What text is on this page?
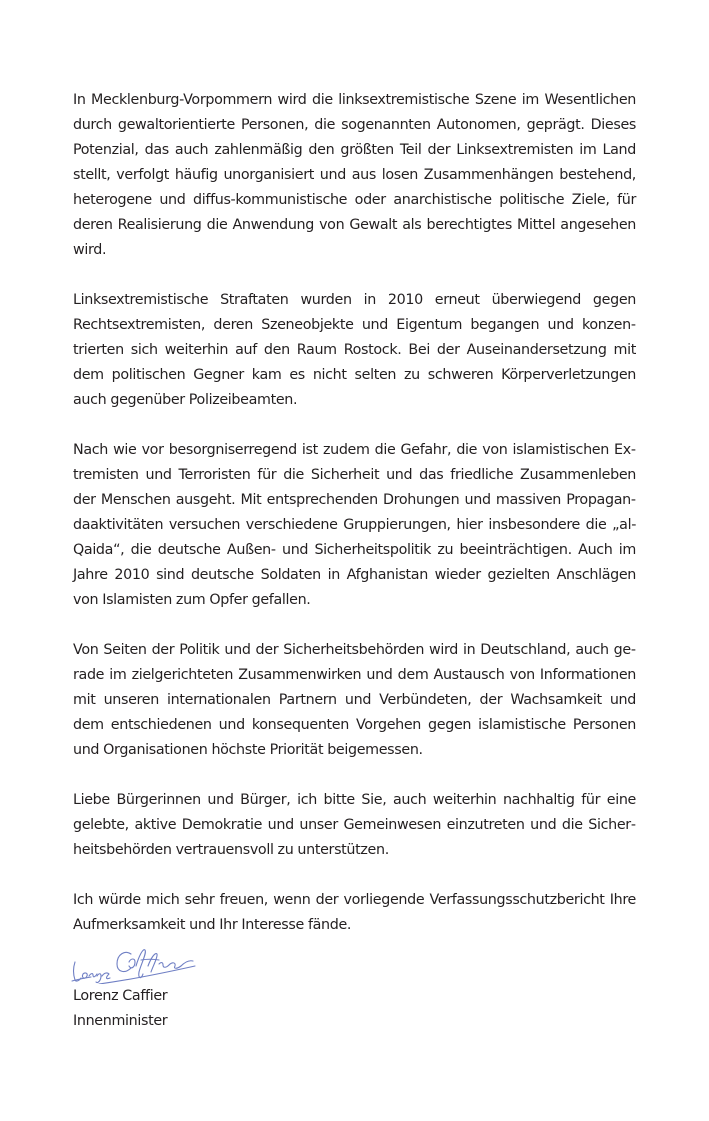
In Mecklenburg-Vorpommern wird die linksextremistische Szene im Wesentlichen durch gewaltorientierte Personen, die sogenannten Autonomen, geprägt. Dieses Potenzial, das auch zahlenmäßig den größten Teil der Linksextremisten im Land stellt, verfolgt häufig unorganisiert und aus losen Zusammenhängen bestehend, heterogene und diffus-kommunistische oder anarchistische politische Ziele, für deren Realisierung die Anwendung von Gewalt als berechtigtes Mittel angesehen wird.

Linksextremistische Straftaten wurden in 2010 erneut überwiegend gegen Rechtsextremisten, deren Szeneobjekte und Eigentum begangen und konzentrierten sich weiterhin auf den Raum Rostock. Bei der Auseinandersetzung mit dem politischen Gegner kam es nicht selten zu schweren Körperverletzungen auch gegenüber Polizeibeamten.

Nach wie vor besorgniserregend ist zudem die Gefahr, die von islamistischen Extremisten und Terroristen für die Sicherheit und das friedliche Zusammenleben der Menschen ausgeht. Mit entsprechenden Drohungen und massiven Propagandaaktivitäten versuchen verschiedene Gruppierungen, hier insbesondere die „al-Qaida“, die deutsche Außen- und Sicherheitspolitik zu beeinträchtigen. Auch im Jahre 2010 sind deutsche Soldaten in Afghanistan wieder gezielten Anschlägen von Islamisten zum Opfer gefallen.

Von Seiten der Politik und der Sicherheitsbehörden wird in Deutschland, auch gerade im zielgerichteten Zusammenwirken und dem Austausch von Informationen mit unseren internationalen Partnern und Verbündeten, der Wachsamkeit und dem entschiedenen und konsequenten Vorgehen gegen islamistische Personen und Organisationen höchste Priorität beigemessen.

Liebe Bürgerinnen und Bürger, ich bitte Sie, auch weiterhin nachhaltig für eine gelebte, aktive Demokratie und unser Gemeinwesen einzutreten und die Sicherheitsbehörden vertrauensvoll zu unterstützen.

Ich würde mich sehr freuen, wenn der vorliegende Verfassungsschutzbericht Ihre Aufmerksamkeit und Ihr Interesse fände.

Lorenz Caffier
Innenminister
